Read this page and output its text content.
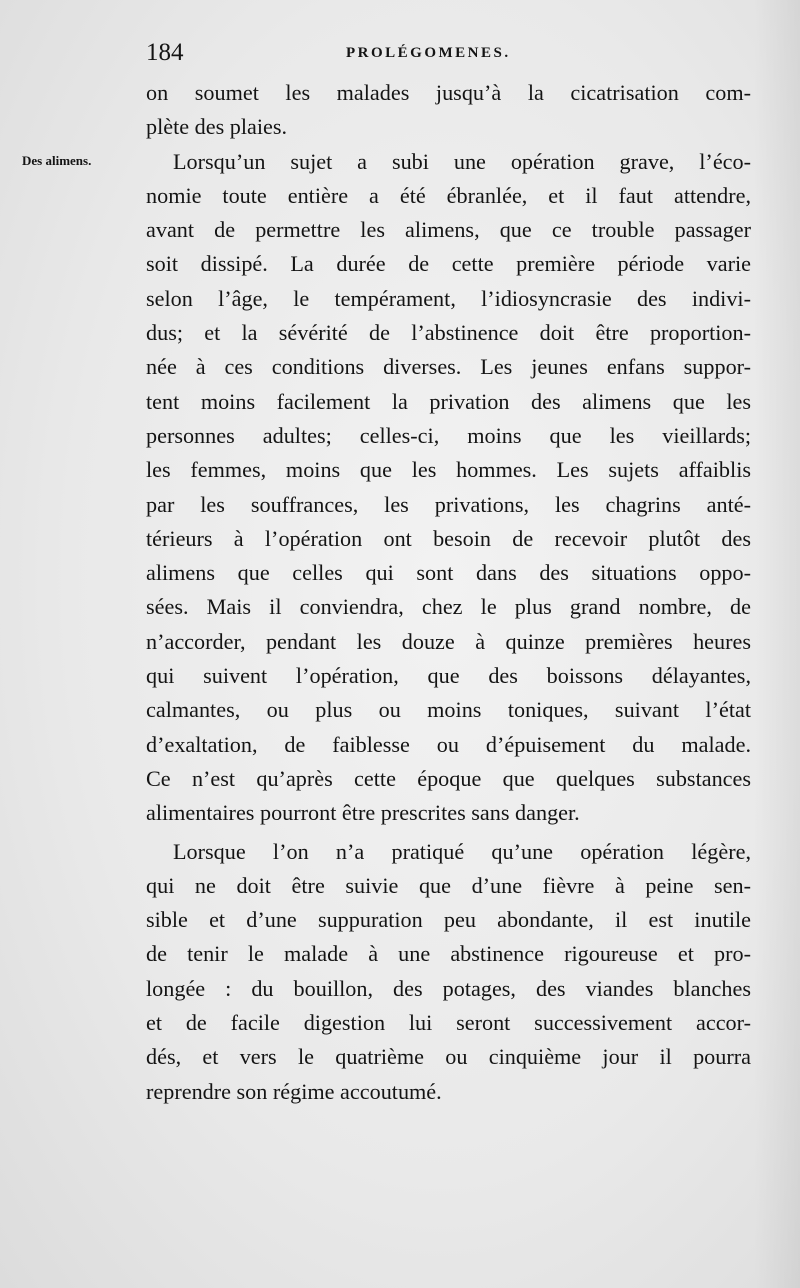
184	PROLÉGOMENES.
Des alimens.
on soumet les malades jusqu’à la cicatrisation com-
plète des plaies.
Lorsqu’un sujet a subi une opération grave, l’éco-
nomie toute entière a été ébranlée, et il faut attendre,
avant de permettre les alimens, que ce trouble passager
soit dissipé. La durée de cette première période varie
selon l’âge, le tempérament, l’idiosyncrasie des indivi-
dus; et la sévérité de l’abstinence doit être proportion-
née à ces conditions diverses. Les jeunes enfans suppor-
tent moins facilement la privation des alimens que les
personnes adultes; celles-ci, moins que les vieillards;
les femmes, moins que les hommes. Les sujets affaiblis
par les souffrances, les privations, les chagrins anté-
térieurs à l’opération ont besoin de recevoir plutôt des
alimens que celles qui sont dans des situations oppo-
sées. Mais il conviendra, chez le plus grand nombre, de
n’accorder, pendant les douze à quinze premières heures
qui suivent l’opération, que des boissons délayantes,
calmantes, ou plus ou moins toniques, suivant l’état
d’exaltation, de faiblesse ou d’épuisement du malade.
Ce n’est qu’après cette époque que quelques substances
alimentaires pourront être prescrites sans danger.
Lorsque l’on n’a pratiqué qu’une opération légère,
qui ne doit être suivie que d’une fièvre à peine sen-
sible et d’une suppuration peu abondante, il est inutile
de tenir le malade à une abstinence rigoureuse et pro-
longée : du bouillon, des potages, des viandes blanches
et de facile digestion lui seront successivement accor-
dés, et vers le quatrième ou cinquième jour il pourra
reprendre son régime accoutumé.
